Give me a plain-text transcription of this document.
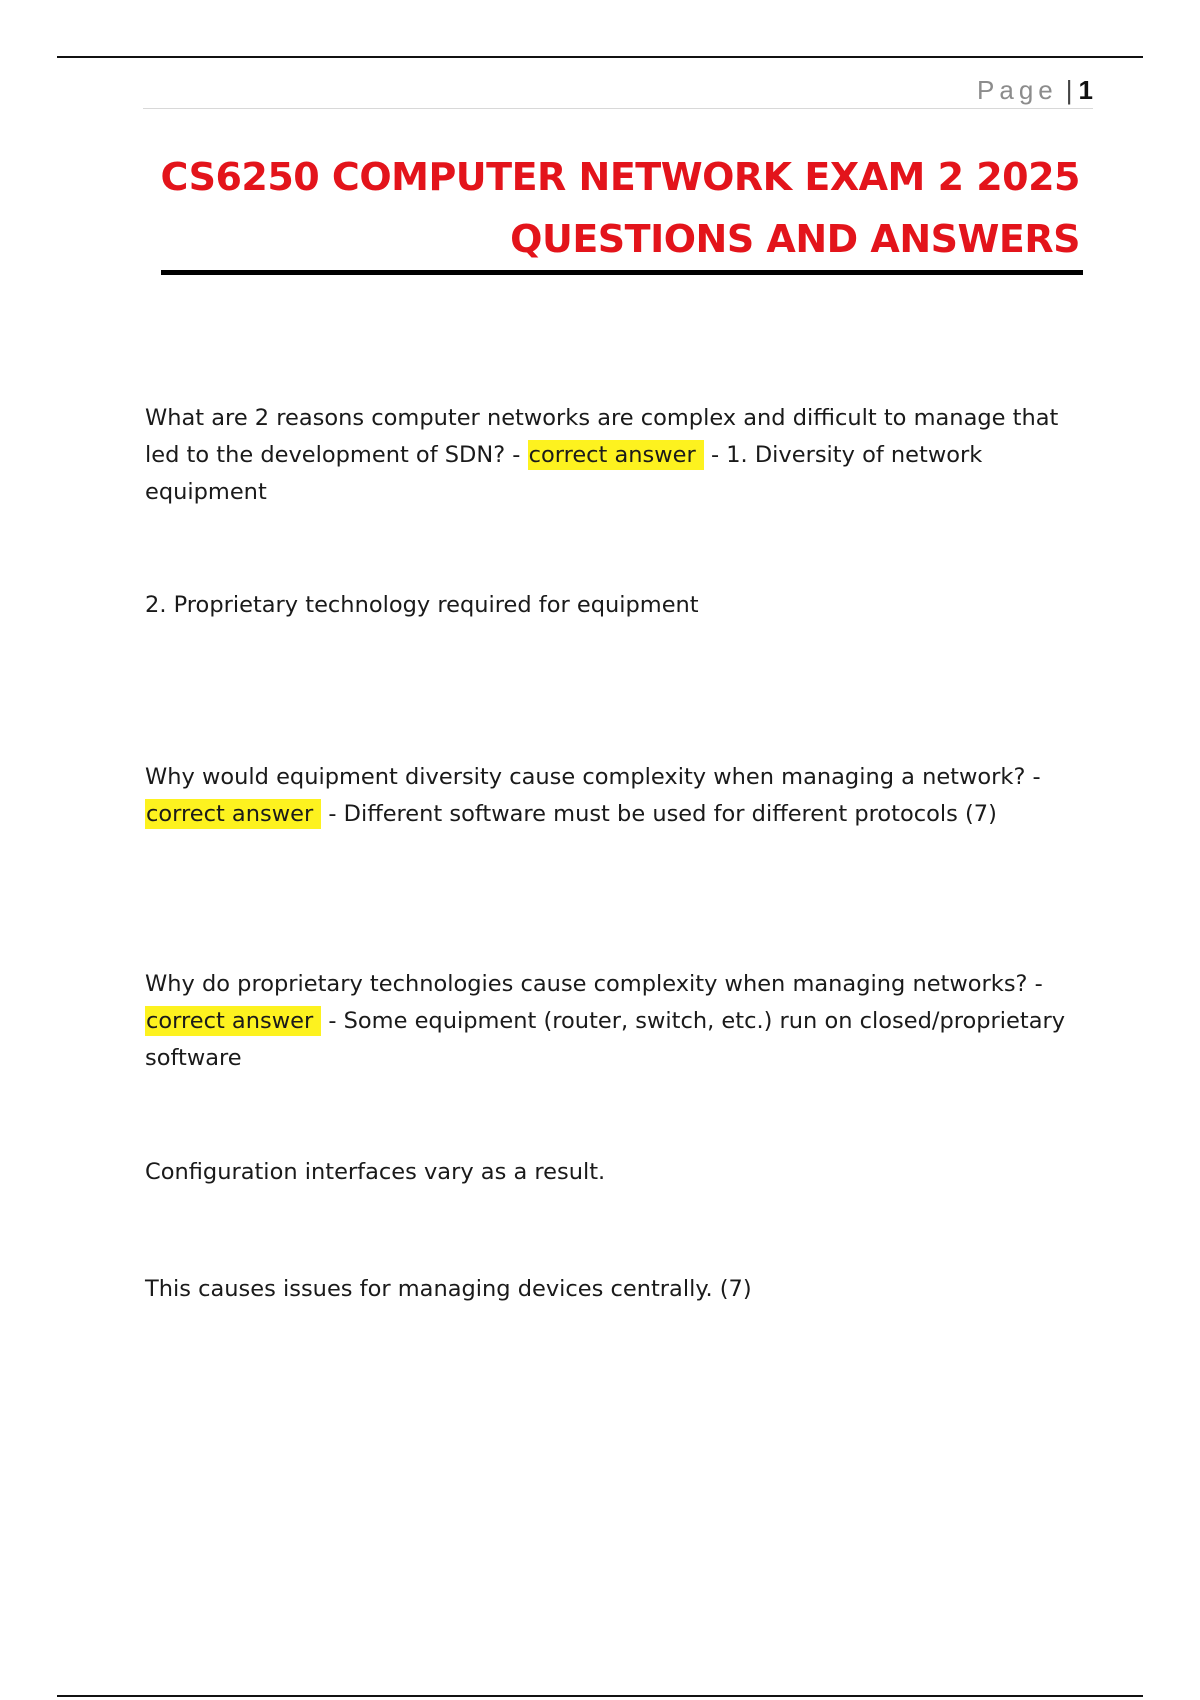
Page | 1
CS6250 COMPUTER NETWORK EXAM 2 2025
QUESTIONS AND ANSWERS

What are 2 reasons computer networks are complex and difficult to manage that led to the development of SDN? - correct answer - 1. Diversity of network equipment

2. Proprietary technology required for equipment

Why would equipment diversity cause complexity when managing a network? - correct answer - Different software must be used for different protocols (7)

Why do proprietary technologies cause complexity when managing networks? - correct answer - Some equipment (router, switch, etc.) run on closed/proprietary software

Configuration interfaces vary as a result.

This causes issues for managing devices centrally. (7)
